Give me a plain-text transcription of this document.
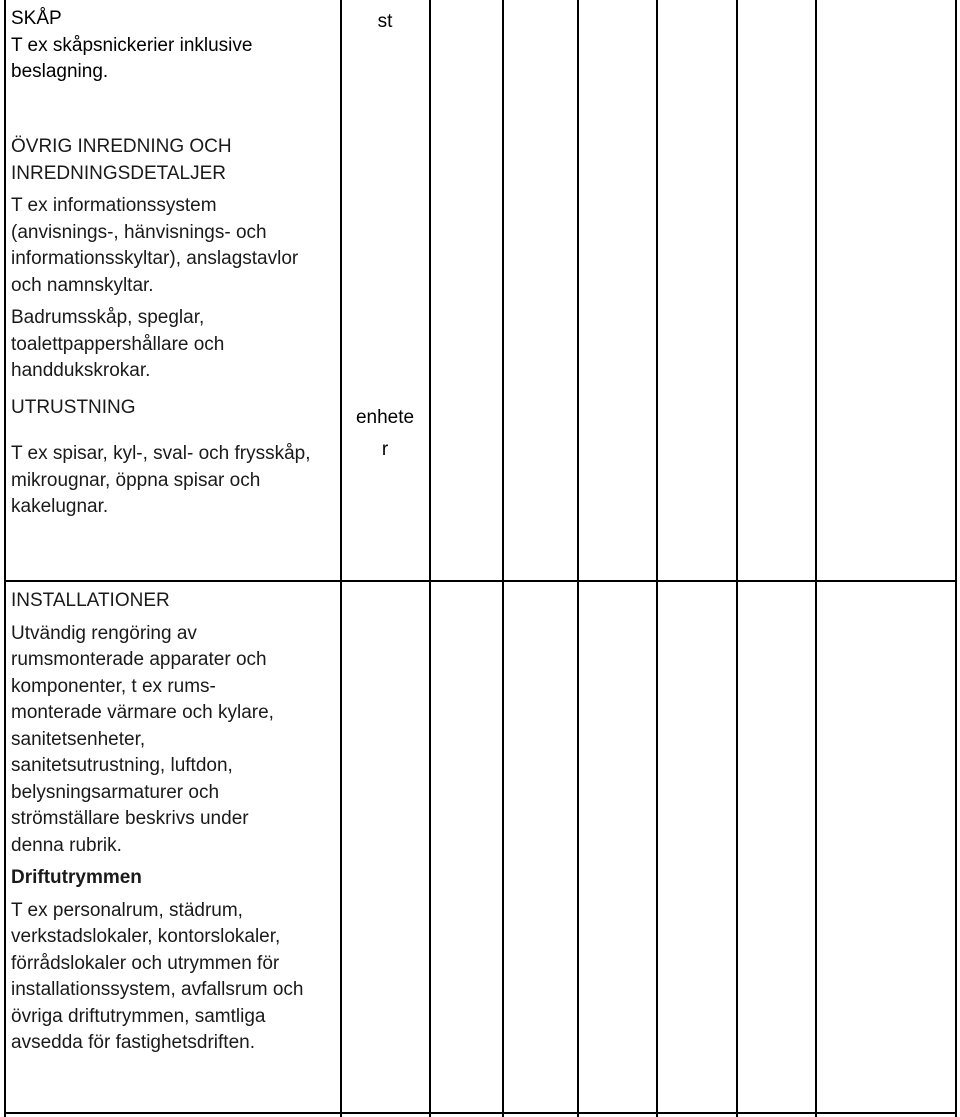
SKÅP

T ex skåpsnickerier inklusive

beslagning.

st

ÖVRIG INREDNING OCH

INREDNINGSDETALJER

T ex informationssystem

(anvisnings-, hänvisnings- och

informationsskyltar), anslagstavlor

och namnskyltar.

Badrumsskåp, speglar,

toalettpappershållare och

handdukskrokar.

UTRUSTNING

T ex spisar, kyl-, sval- och frysskåp,

mikrougnar, öppna spisar och

kakelugnar.

enhete
r

INSTALLATIONER

Utvändig rengöring av

rumsmonterade apparater och

komponenter, t ex rums-

monterade värmare och kylare,

sanitetsenheter,

sanitetsutrustning, luftdon,

belysningsarmaturer och

strömställare beskrivs under

denna rubrik.

Driftutrymmen

T ex personalrum, städrum,

verkstadslokaler, kontorslokaler,

förrådslokaler och utrymmen för

installationssystem, avfallsrum och

övriga driftutrymmen, samtliga

avsedda för fastighetsdriften.
